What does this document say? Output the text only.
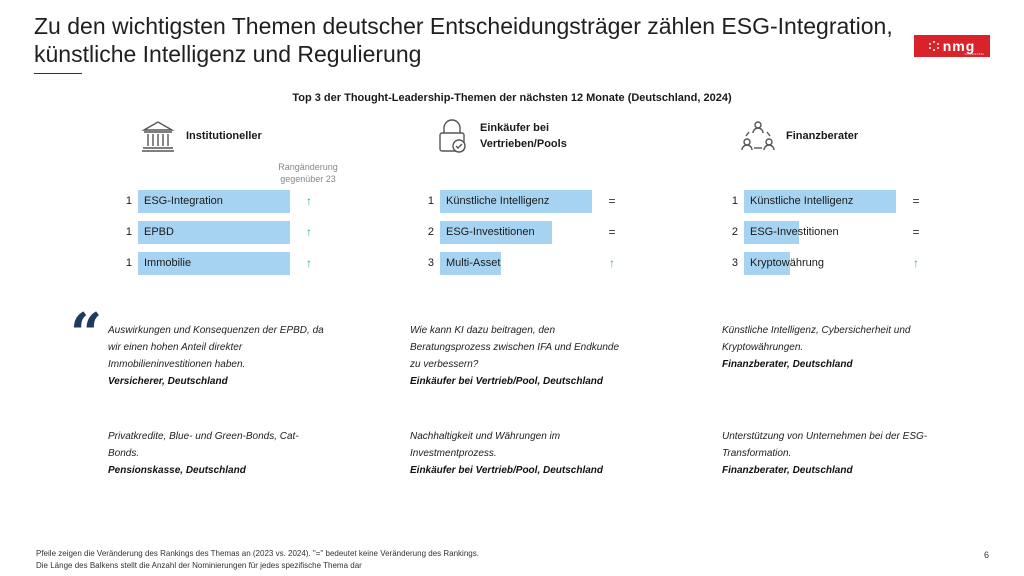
Zu den wichtigsten Themen deutscher Entscheidungsträger zählen ESG-Integration,
künstliche Intelligenz und Regulierung	nmg
CONSULTING
Top 3 der Thought-Leadership-Themen der nächsten 12 Monate (Deutschland, 2024)
Institutioneller
Einkäufer bei Vertrieben/Pools
Finanzberater
Rangänderung gegenüber 23
1 ESG-Integration	↑
1 EPBD	↑
1 Immobilie	↑
1 Künstliche Intelligenz	=
2 ESG-Investitionen	=
3 Multi-Asset	↑
1 Künstliche Intelligenz	=
2 ESG-Investitionen	=
3 Kryptowährung	↑
“ Auswirkungen und Konsequenzen der EPBD, da
wir einen hohen Anteil direkter
Immobilieninvestitionen haben.
Versicherer, Deutschland
Wie kann KI dazu beitragen, den
Beratungsprozess zwischen IFA und Endkunde
zu verbessern?
Einkäufer bei Vertrieb/Pool, Deutschland
Künstliche Intelligenz, Cybersicherheit und
Kryptowährungen.
Finanzberater, Deutschland
Privatkredite, Blue- und Green-Bonds, Cat-
Bonds.
Pensionskasse, Deutschland
Nachhaltigkeit und Währungen im
Investmentprozess.
Einkäufer bei Vertrieb/Pool, Deutschland
Unterstützung von Unternehmen bei der ESG-
Transformation.
Finanzberater, Deutschland
Pfeile zeigen die Veränderung des Rankings des Themas an (2023 vs. 2024). "=" bedeutet keine Veränderung des Rankings.
Die Länge des Balkens stellt die Anzahl der Nominierungen für jedes spezifische Thema dar
6
